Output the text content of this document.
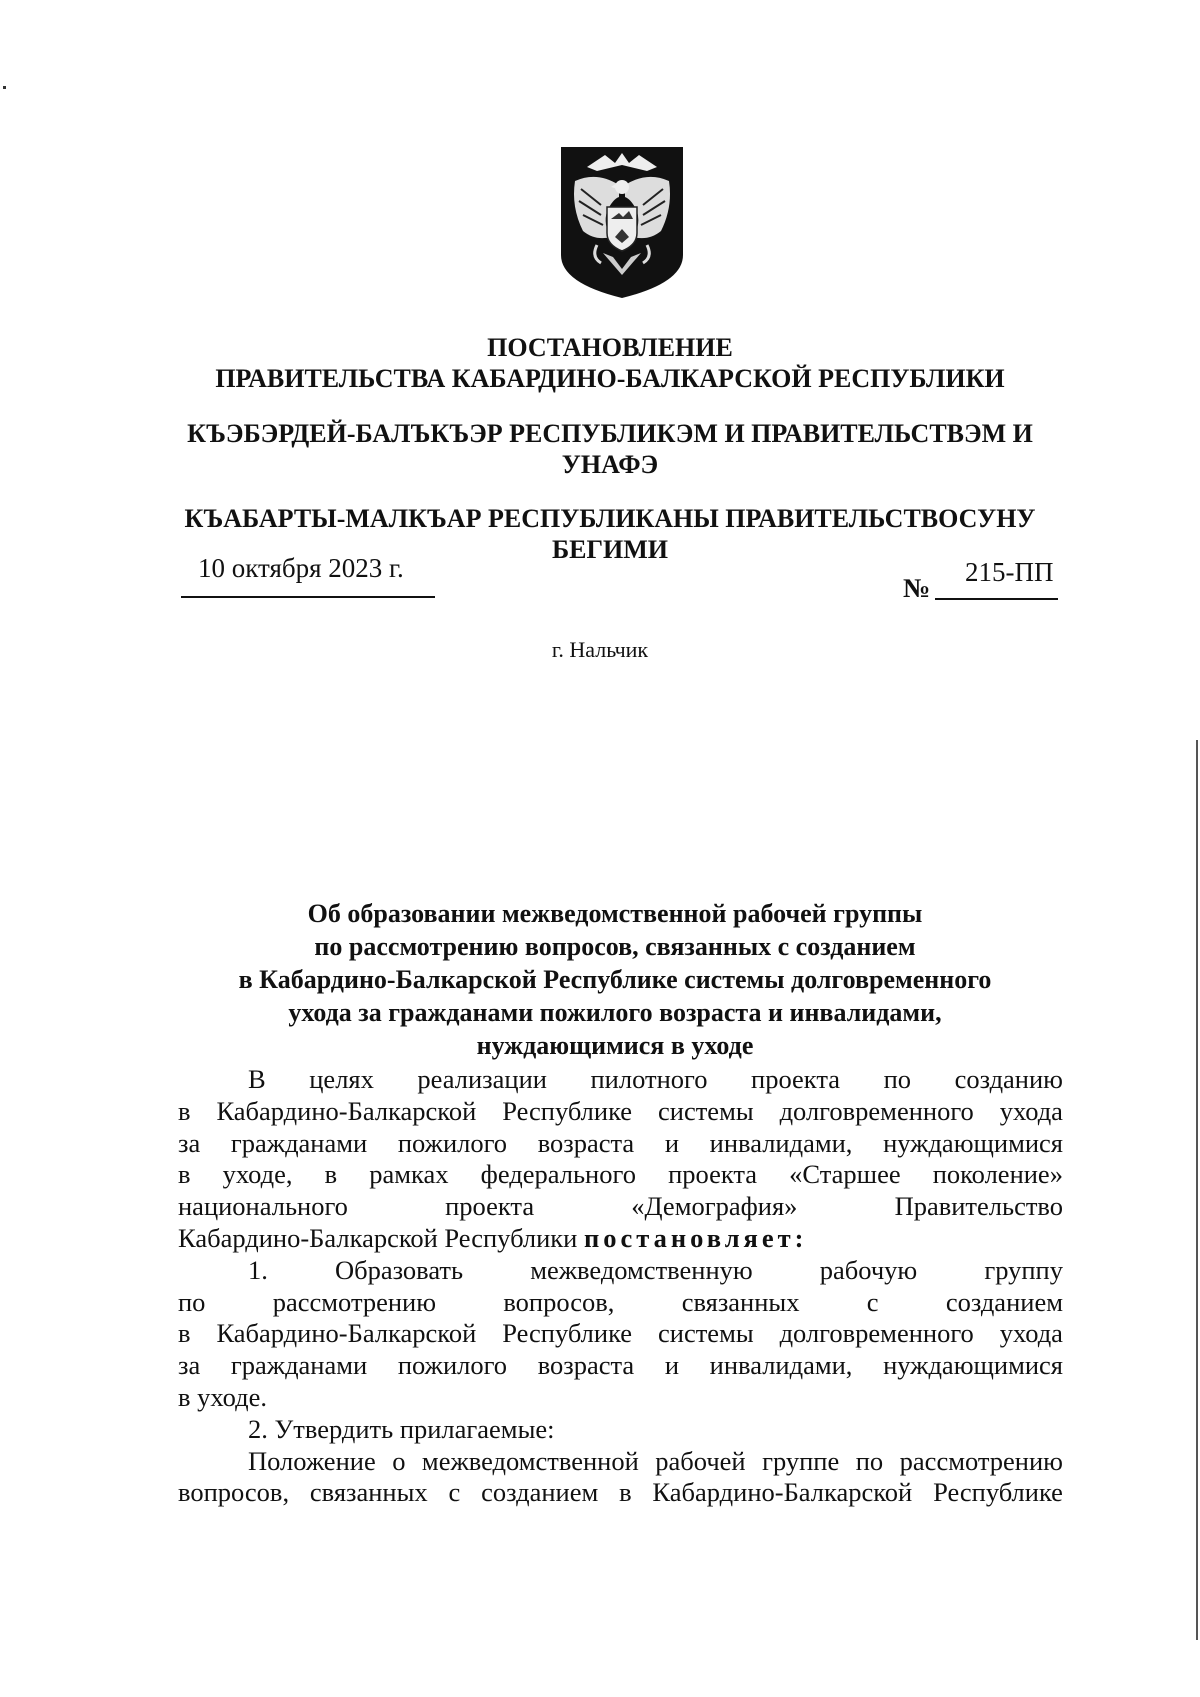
ПОСТАНОВЛЕНИЕ
ПРАВИТЕЛЬСТВА КАБАРДИНО-БАЛКАРСКОЙ РЕСПУБЛИКИ
КЪЭБЭРДЕЙ-БАЛЪКЪЭР РЕСПУБЛИКЭМ И ПРАВИТЕЛЬСТВЭМ И
УНАФЭ
КЪАБАРТЫ-МАЛКЪАР РЕСПУБЛИКАНЫ ПРАВИТЕЛЬСТВОСУНУ
БЕГИМИ
10 октября 2023 г.
№
215-ПП
г. Нальчик
Об образовании межведомственной рабочей группы
по рассмотрению вопросов, связанных с созданием
в Кабардино-Балкарской Республике системы долговременного
ухода за гражданами пожилого возраста и инвалидами,
нуждающимися в уходе
В целях реализации пилотного проекта по созданию
в Кабардино-Балкарской Республике системы долговременного ухода
за гражданами пожилого возраста и инвалидами, нуждающимися
в уходе, в рамках федерального проекта «Старшее поколение»
национального	проекта	«Демография»	Правительство

Кабардино-Балкарской Республики постановляет:

1.	Образовать	межведомственную	рабочую	группу
по	рассмотрению	вопросов,	связанных	с	созданием
в Кабардино-Балкарской Республике системы долговременного ухода
за гражданами пожилого возраста и инвалидами, нуждающимися

в уходе.

2. Утвердить прилагаемые:

Положение о межведомственной рабочей группе по рассмотрению
вопросов, связанных с созданием в Кабардино-Балкарской Республике
